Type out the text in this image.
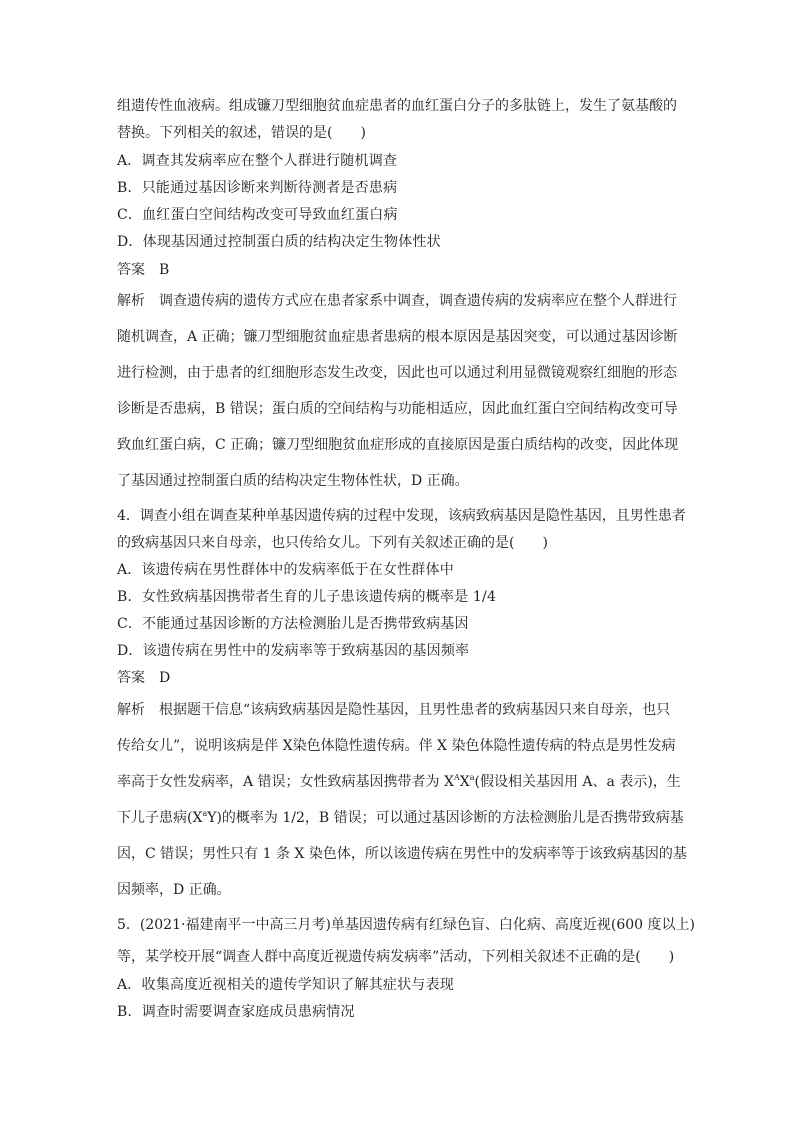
组遗传性血液病。组成镰刀型细胞贫血症患者的血红蛋白分子的多肽链上，发生了氨基酸的
替换。下列相关的叙述，错误的是(　　)
A．调查其发病率应在整个人群进行随机调查
B．只能通过基因诊断来判断待测者是否患病
C．血红蛋白空间结构改变可导致血红蛋白病
D．体现基因通过控制蛋白质的结构决定生物体性状
答案 B
解析 调查遗传病的遗传方式应在患者家系中调查，调查遗传病的发病率应在整个人群进行
随机调查，A 正确；镰刀型细胞贫血症患者患病的根本原因是基因突变，可以通过基因诊断
进行检测，由于患者的红细胞形态发生改变，因此也可以通过利用显微镜观察红细胞的形态
诊断是否患病，B 错误；蛋白质的空间结构与功能相适应，因此血红蛋白空间结构改变可导
致血红蛋白病，C 正确；镰刀型细胞贫血症形成的直接原因是蛋白质结构的改变，因此体现
了基因通过控制蛋白质的结构决定生物体性状，D 正确。
4．调查小组在调查某种单基因遗传病的过程中发现，该病致病基因是隐性基因，且男性患者
的致病基因只来自母亲，也只传给女儿。下列有关叙述正确的是(　　)
A．该遗传病在男性群体中的发病率低于在女性群体中
B．女性致病基因携带者生育的儿子患该遗传病的概率是 1/4
C．不能通过基因诊断的方法检测胎儿是否携带致病基因
D．该遗传病在男性中的发病率等于致病基因的基因频率
答案 D
解析 根据题干信息“该病致病基因是隐性基因，且男性患者的致病基因只来自母亲，也只
传给女儿”，说明该病是伴 X染色体隐性遗传病。伴 X 染色体隐性遗传病的特点是男性发病
率高于女性发病率，A 错误；女性致病基因携带者为 $X^AX^a$(假设相关基因用 A、a 表示)，生
下儿子患病$(X^aY)$的概率为 1/2，B 错误；可以通过基因诊断的方法检测胎儿是否携带致病基
因，C 错误；男性只有 1 条 X 染色体，所以该遗传病在男性中的发病率等于该致病基因的基
因频率，D 正确。
5．(2021·福建南平一中高三月考)单基因遗传病有红绿色盲、白化病、高度近视(600 度以上)
等，某学校开展“调查人群中高度近视遗传病发病率”活动，下列相关叙述不正确的是(　　)
A．收集高度近视相关的遗传学知识了解其症状与表现
B．调查时需要调查家庭成员患病情况
